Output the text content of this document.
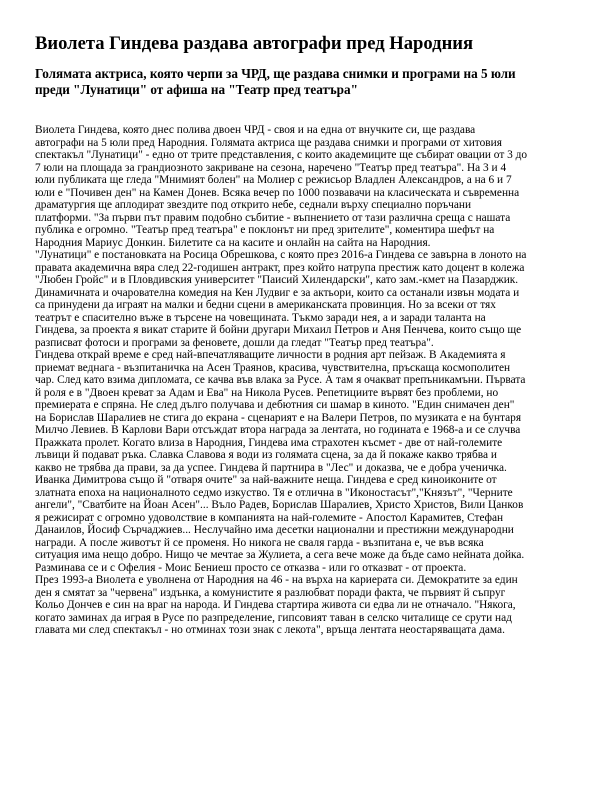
Виолета Гиндева раздава автографи пред Народния
Голямата актриса, която черпи за ЧРД, ще раздава снимки и програми на 5 юли
преди "Лунатици" от афиша на "Театр пред театъра"
Виолета Гиндева, която днес полива двоен ЧРД - своя и на една от внучките си, ще раздава
автографи на 5 юли пред Народния. Голямата актриса ще раздава снимки и програми от хитовия
спектакъл "Лунатици" - едно от трите представления, с които академиците ще събират овации от 3 до
7 юли на площада за грандиозното закриване на сезона, наречено "Театър пред театъра". На 3 и 4
юли публиката ще гледа "Мнимият болен" на Молиер с режисьор Владлен Александров, а на 6 и 7
юли е "Почивен ден" на Камен Донев. Всяка вечер по 1000 позвавачи на класическата и съвременна
драматургия ще аплодират звездите под открито небе, седнали върху специално поръчани
платформи. "За първи път правим подобно събитие - въпнението от тази различна среща с нашата
публика е огромно. "Театър пред театъра" е поклонът ни пред зрителите", коментира шефът на
Народния Мариус Донкин. Билетите са на касите и онлайн на сайта на Народния.
"Лунатици" е постановката на Росица Обрешкова, с която през 2016-а Гиндева се завърна в лоното на
правата академична вяра след 22-годишен антракт, през който натрупа престиж като доцент в колежа
"Любен Гройс" и в Пловдивския университет "Паисий Хилендарски", като зам.-кмет на Пазарджик.
Динамичната и очарователна комедия на Кен Лудвиг е за актьори, които са останали извън модата и
са принудени да играят на малки и бедни сцени в американската провинция. Но за всеки от тях
театрът е спасително въже в търсене на човещината. Тъкмо заради нея, а и заради таланта на
Гиндева, за проекта я викат старите й бойни другари Михаил Петров и Аня Пенчева, които също ще
разписват фотоси и програми за феновете, дошли да гледат "Театър пред театъра".
Гиндева открай време е сред най-впечатляващите личности в родния арт пейзаж. В Академията я
приемат веднага - възпитаничка на Асен Траянов, красива, чувствителна, пръскаща космополитен
чар. След като взима дипломата, се качва във влака за Русе. А там я очакват препъникамъни. Първата
й роля е в "Двоен креват за Адам и Ева" на Никола Русев. Репетициите вървят без проблеми, но
премиерата е спряна. Не след дълго получава и дебютния си шамар в киното. "Един снимачен ден"
на Борислав Шаралиев не стига до екрана - сценарият е на Валери Петров, по музиката е на бунтаря
Милчо Левиев. В Карлови Вари отсъждат втора награда за лентата, но годината е 1968-а и се случва
Пражката пролет. Когато влиза в Народния, Гиндева има страхотен късмет - две от най-големите
лъвици й подават ръка. Славка Славова я води из голямата сцена, за да й покаже какво трябва и
какво не трябва да прави, за да успее. Гиндева й партнира в "Лес" и доказва, че е добра ученичка.
Иванка Димитрова също й "отваря очите" за най-важните неща. Гиндева е сред киноиконите от
златната епоха на националното седмо изкуство. Тя е отлична в "Иконостасът","Князът", "Черните
ангели", "Сватбите на Йоан Асен"... Вълo Радев, Борислав Шаралиев, Христо Христов, Вили Цанков
я режисират с огромно удоволствие в компанията на най-големите - Апостол Карамитев, Стефан
Данаилов, Йосиф Сърчаджиев... Неслучайно има десетки национални и престижни международни
награди. А после животът й се променя. Но никога не сваля гарда - възпитана е, че във всяка
ситуация има нещо добро. Нищо че мечтае за Жулиета, а сега вече може да бъде само нейната дойка.
Разминава се и с Офелия - Моис Бениеш просто се отказва - или го отказват - от проекта.
През 1993-а Виолета е уволнена от Народния на 46 - на върха на кариерата си. Демократите за един
ден я смятат за "червена" издънка, а комунистите я разлюбват поради факта, че първият й съпруг
Кольо Дончев е син на враг на народа. И Гиндева стартира живота си едва ли не отначало. "Някога,
когато заминах да играя в Русе по разпределение, гипсовият таван в селско читалище се срути над
главата ми след спектакъл - но отминах този знак с лекота", връща лентата неостаряващата дама.
